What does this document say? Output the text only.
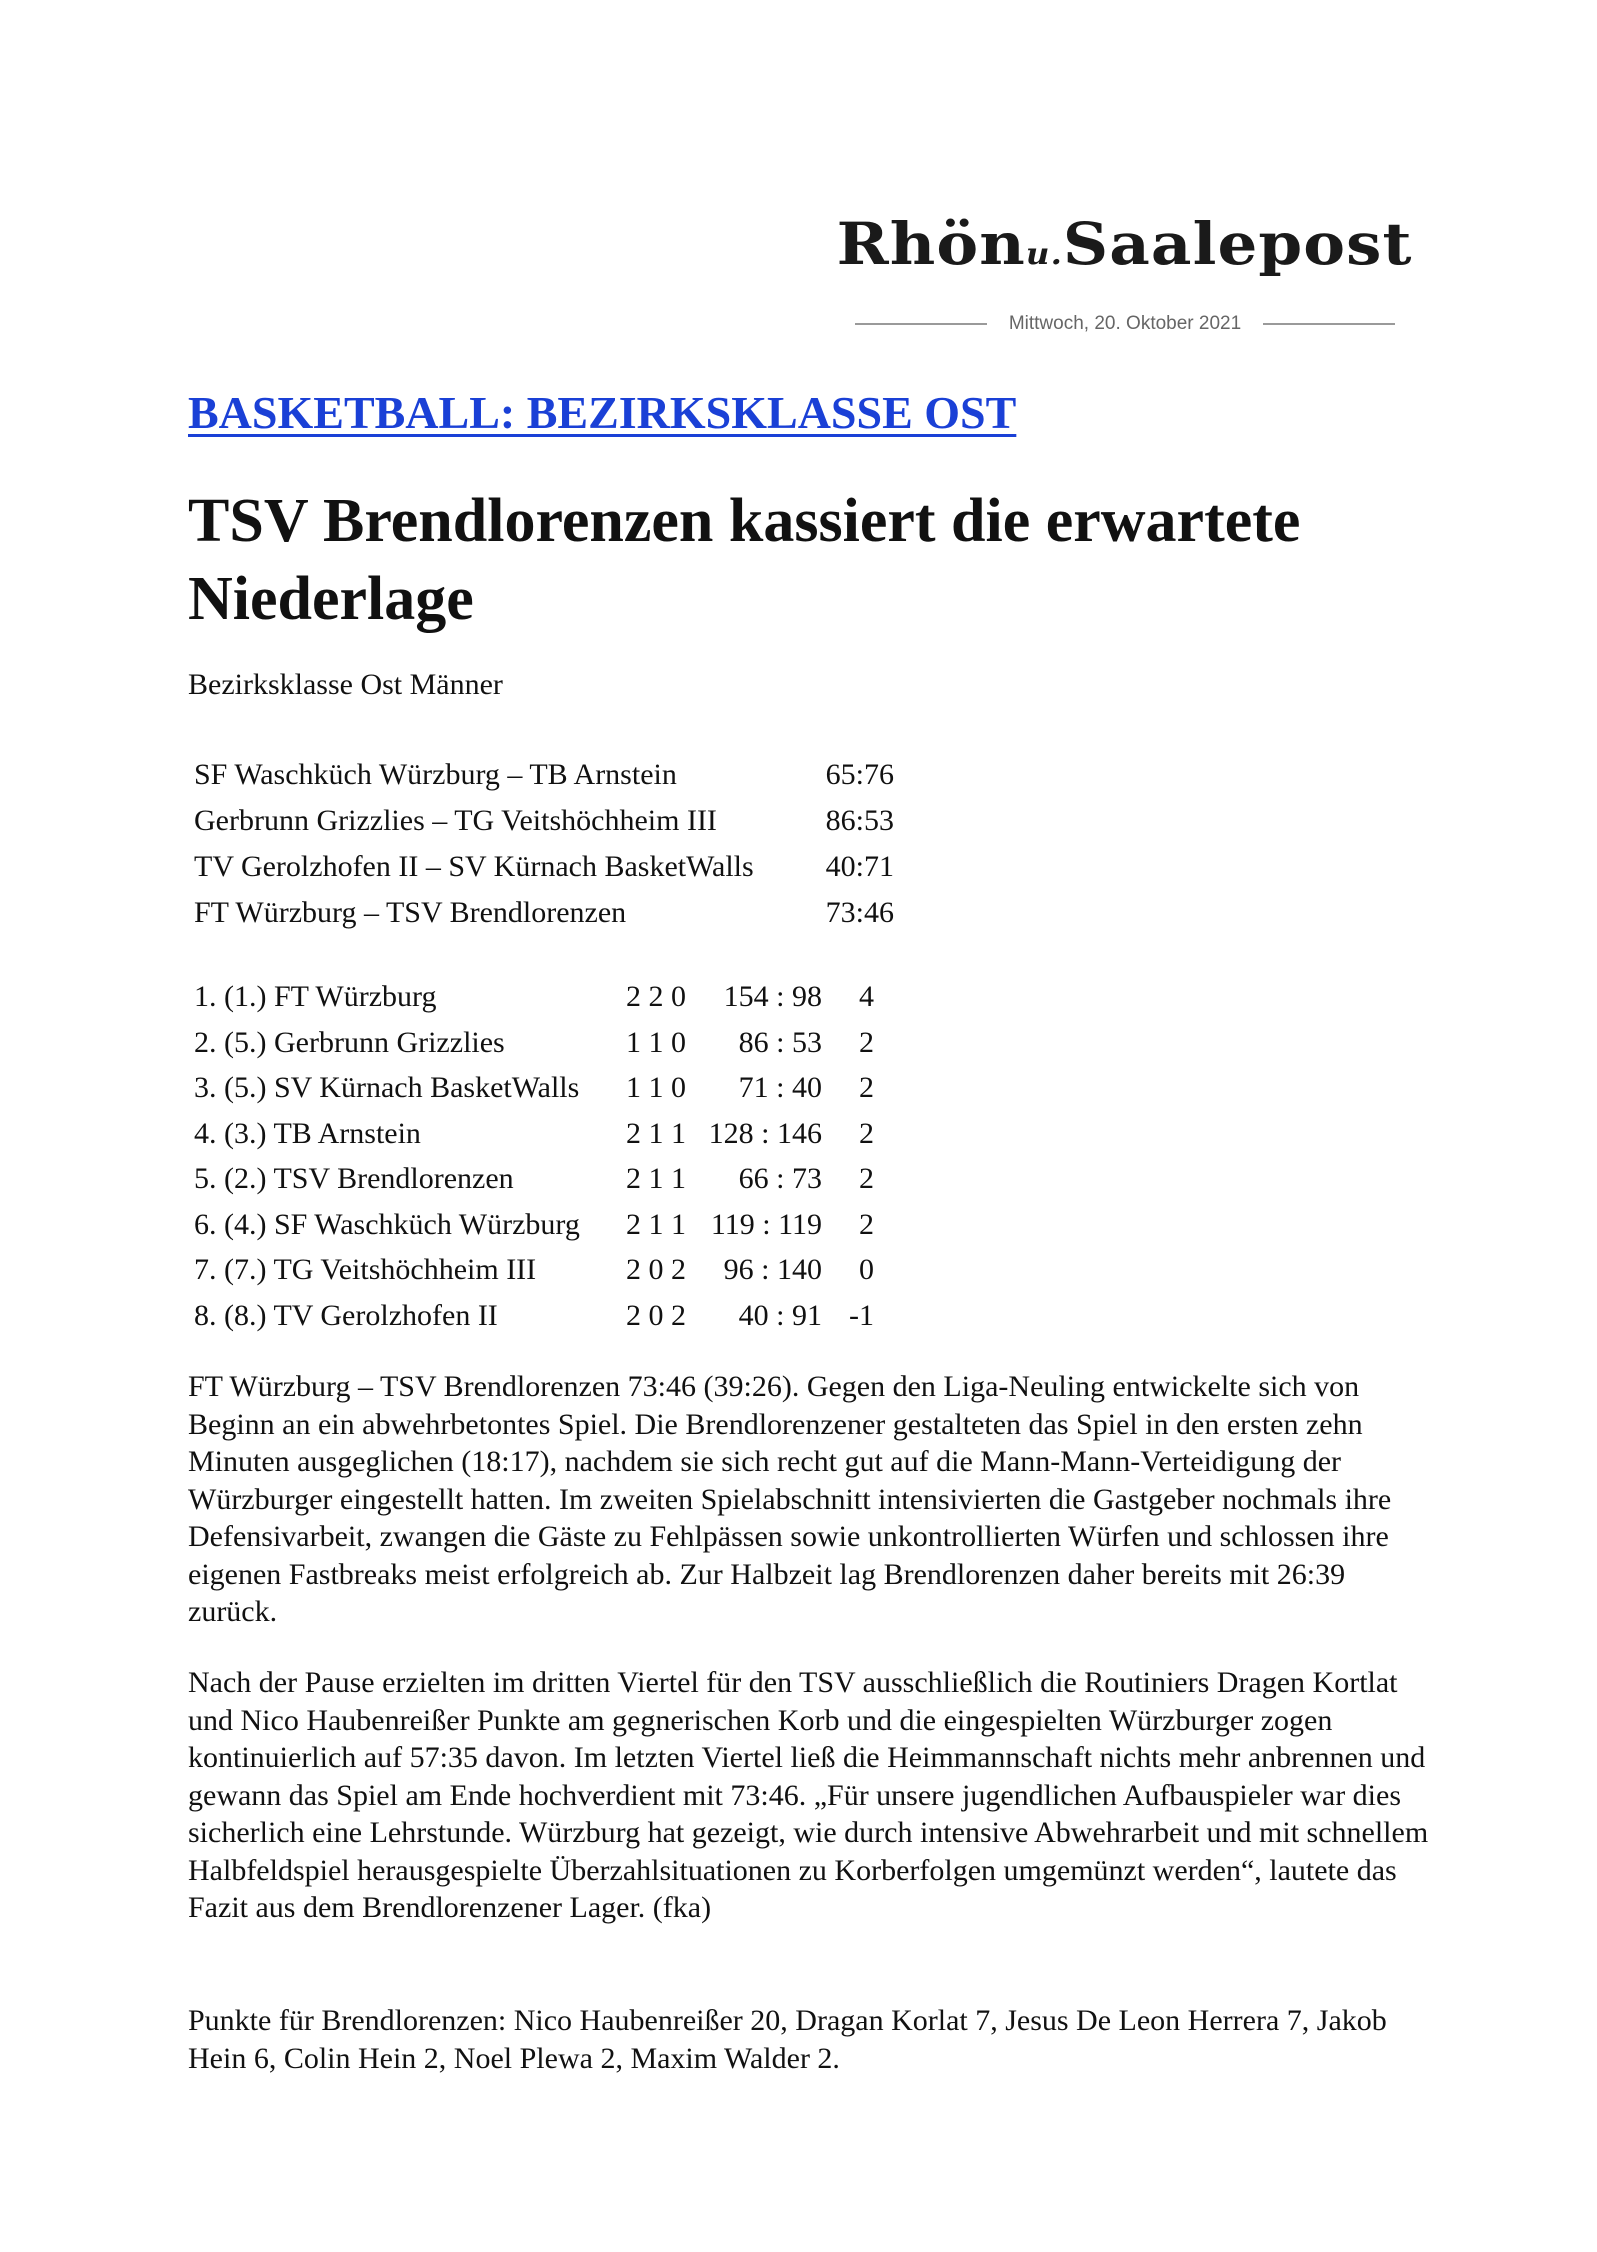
Rhönu.Saalepost
Mittwoch, 20. Oktober 2021
BASKETBALL: BEZIRKSKLASSE OST
TSV Brendlorenzen kassiert die erwartete Niederlage
Bezirksklasse Ost Männer
SF Waschküch Würzburg – TB Arnstein	65:76
Gerbrunn Grizzlies – TG Veitshöchheim III	86:53
TV Gerolzhofen II – SV Kürnach BasketWalls 40:71
FT Würzburg – TSV Brendlorenzen	73:46
1. (1.) FT Würzburg	2 2 0 154 : 98 4
2. (5.) Gerbrunn Grizzlies	1 1 0 86 : 53 2
3. (5.) SV Kürnach BasketWalls 1 1 0 71 : 40 2
4. (3.) TB Arnstein	2 1 1 128 : 146 2
5. (2.) TSV Brendlorenzen	2 1 1 66 : 73 2
6. (4.) SF Waschküch Würzburg 2 1 1 119 : 119 2
7. (7.) TG Veitshöchheim III	2 0 2 96 : 140 0
8. (8.) TV Gerolzhofen II	2 0 2 40 : 91 -1

FT Würzburg – TSV Brendlorenzen 73:46 (39:26). Gegen den Liga-Neuling entwickelte sich von Beginn an ein abwehrbetontes Spiel. Die Brendlorenzener gestalteten das Spiel in den ersten zehn Minuten ausgeglichen (18:17), nachdem sie sich recht gut auf die Mann-Mann-Verteidigung der Würzburger eingestellt hatten. Im zweiten Spielabschnitt intensivierten die Gastgeber nochmals ihre Defensivarbeit, zwangen die Gäste zu Fehlpässen sowie unkontrollierten Würfen und schlossen ihre eigenen Fastbreaks meist erfolgreich ab. Zur Halbzeit lag Brendlorenzen daher bereits mit 26:39 zurück.

Nach der Pause erzielten im dritten Viertel für den TSV ausschließlich die Routiniers Dragen Kortlat und Nico Haubenreißer Punkte am gegnerischen Korb und die eingespielten Würzburger zogen kontinuierlich auf 57:35 davon. Im letzten Viertel ließ die Heimmannschaft nichts mehr anbrennen und gewann das Spiel am Ende hochverdient mit 73:46. „Für unsere jugendlichen Aufbauspieler war dies sicherlich eine Lehrstunde. Würzburg hat gezeigt, wie durch intensive Abwehrarbeit und mit schnellem Halbfeldspiel herausgespielte Überzahlsituationen zu Korberfolgen umgemünzt werden“, lautete das Fazit aus dem Brendlorenzener Lager. (fka)

Punkte für Brendlorenzen: Nico Haubenreißer 20, Dragan Korlat 7, Jesus De Leon Herrera 7, Jakob Hein 6, Colin Hein 2, Noel Plewa 2, Maxim Walder 2.
